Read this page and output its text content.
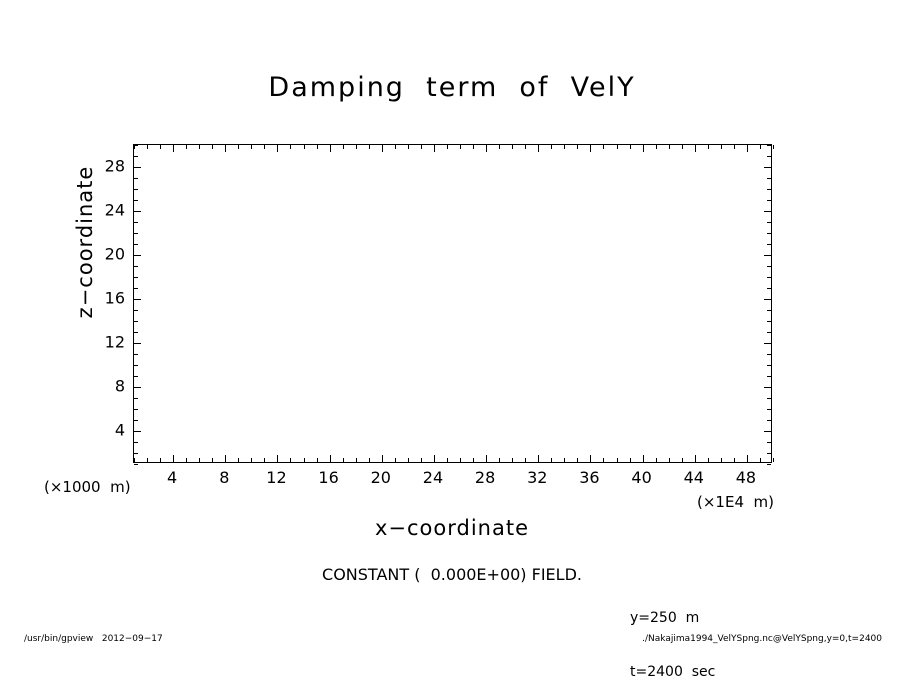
Damping  term  of  VelY
4	8 12 16 20 24 28 32 36 40 44 48
4
8
12
16
20
24
28
x−coordinate
z−coordinate
(×1000  m)
(×1E4  m)
CONSTANT (  0.000E+00) FIELD.

y=250  m

t=2400  sec

/usr/bin/gpview   2012−09−17	./Nakajima1994_VelYSpng.nc@VelYSpng,y=0,t=2400
